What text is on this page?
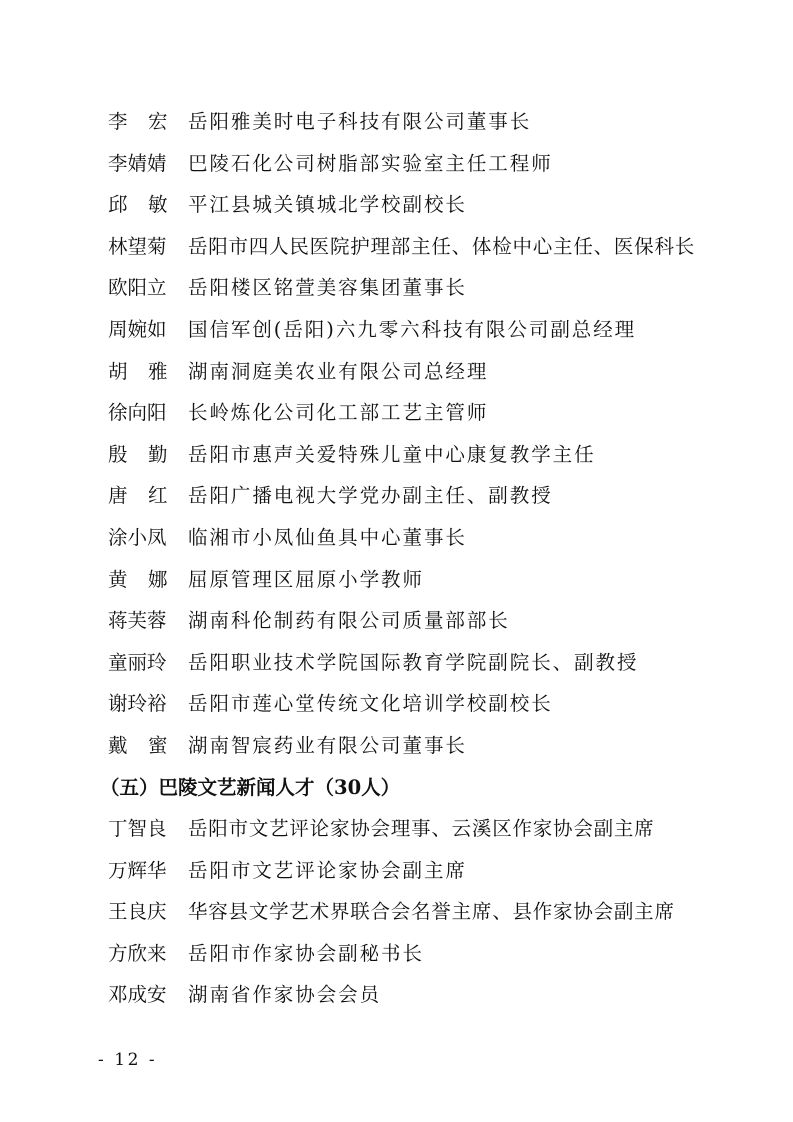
李宏 岳阳雅美时电子科技有限公司董事长
李婧婧 巴陵石化公司树脂部实验室主任工程师
邱敏 平江县城关镇城北学校副校长
林望菊 岳阳市四人民医院护理部主任、体检中心主任、医保科长
欧阳立 岳阳楼区铭萱美容集团董事长
周婉如 国信军创(岳阳)六九零六科技有限公司副总经理
胡雅 湖南洞庭美农业有限公司总经理
徐向阳 长岭炼化公司化工部工艺主管师
殷勤 岳阳市惠声关爱特殊儿童中心康复教学主任
唐红 岳阳广播电视大学党办副主任、副教授
涂小凤 临湘市小凤仙鱼具中心董事长
黄娜 屈原管理区屈原小学教师
蒋芙蓉 湖南科伦制药有限公司质量部部长
童丽玲 岳阳职业技术学院国际教育学院副院长、副教授
谢玲裕 岳阳市莲心堂传统文化培训学校副校长
戴蜜 湖南智宸药业有限公司董事长
（五）巴陵文艺新闻人才（30人）
丁智良 岳阳市文艺评论家协会理事、云溪区作家协会副主席
万辉华 岳阳市文艺评论家协会副主席
王良庆 华容县文学艺术界联合会名誉主席、县作家协会副主席
方欣来 岳阳市作家协会副秘书长
邓成安 湖南省作家协会会员
- 12 -
